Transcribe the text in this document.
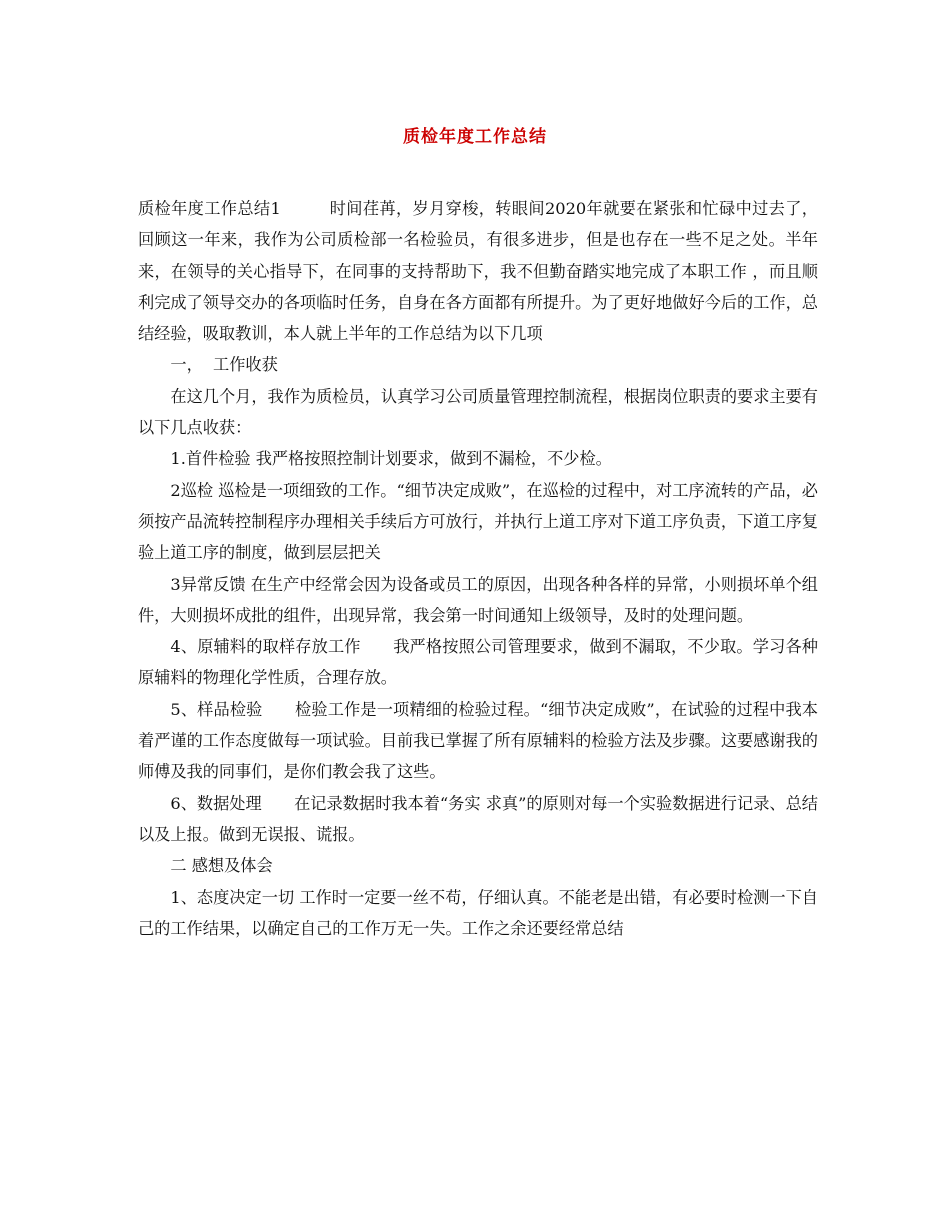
质检年度工作总结

质检年度工作总结1	时间荏苒，岁月穿梭，转眼间2020年就要在紧张和忙碌中过去了，回顾这一年来，我作为公司质检部一名检验员，有很多进步，但是也存在一些不足之处。半年来，在领导的关心指导下，在同事的支持帮助下，我不但勤奋踏实地完成了本职工作 ，而且顺利完成了领导交办的各项临时任务，自身在各方面都有所提升。为了更好地做好今后的工作，总结经验，吸取教训，本人就上半年的工作总结为以下几项

一，  工作收获

在这几个月，我作为质检员，认真学习公司质量管理控制流程，根据岗位职责的要求主要有以下几点收获：

1.首件检验 我严格按照控制计划要求，做到不漏检，不少检。

2巡检 巡检是一项细致的工作。“细节决定成败”，在巡检的过程中，对工序流转的产品，必须按产品流转控制程序办理相关手续后方可放行，并执行上道工序对下道工序负责，下道工序复验上道工序的制度，做到层层把关

3异常反馈 在生产中经常会因为设备或员工的原因，出现各种各样的异常，小则损坏单个组件，大则损坏成批的组件，出现异常，我会第一时间通知上级领导，及时的处理问题。

4、原辅料的取样存放工作 我严格按照公司管理要求，做到不漏取，不少取。学习各种原辅料的物理化学性质，合理存放。

5、样品检验 检验工作是一项精细的检验过程。“细节决定成败”，在试验的过程中我本着严谨的工作态度做每一项试验。目前我已掌握了所有原辅料的检验方法及步骤。这要感谢我的师傅及我的同事们，是你们教会我了这些。

6、数据处理 在记录数据时我本着“务实 求真”的原则对每一个实验数据进行记录、总结以及上报。做到无误报、谎报。

二 感想及体会

1、态度决定一切 工作时一定要一丝不苟，仔细认真。不能老是出错，有必要时检测一下自己的工作结果，以确定自己的工作万无一失。工作之余还要经常总结
